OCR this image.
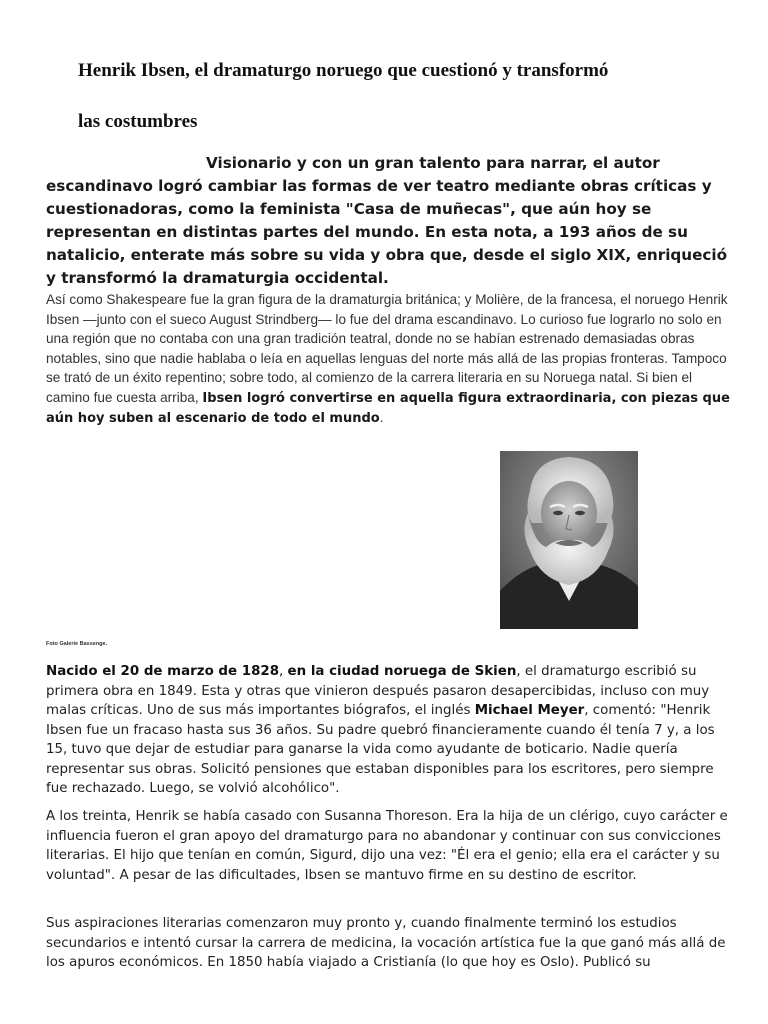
Henrik Ibsen, el dramaturgo noruego que cuestionó y transformó
las costumbres

Visionario y con un gran talento para narrar, el autor escandinavo logró cambiar las formas de ver teatro mediante obras críticas y cuestionadoras, como la feminista "Casa de muñecas", que aún hoy se representan en distintas partes del mundo. En esta nota, a 193 años de su natalicio, enterate más sobre su vida y obra que, desde el siglo XIX, enriqueció y transformó la dramaturgia occidental.

Así como Shakespeare fue la gran figura de la dramaturgia británica; y Molière, de la francesa, el noruego Henrik Ibsen —junto con el sueco August Strindberg— lo fue del drama escandinavo. Lo curioso fue lograrlo no solo en una región que no contaba con una gran tradición teatral, donde no se habían estrenado demasiadas obras notables, sino que nadie hablaba o leía en aquellas lenguas del norte más allá de las propias fronteras. Tampoco se trató de un éxito repentino; sobre todo, al comienzo de la carrera literaria en su Noruega natal. Si bien el camino fue cuesta arriba, Ibsen logró convertirse en aquella figura extraordinaria, con piezas que aún hoy suben al escenario de todo el mundo.

Foto Galerie Bassenge.

Nacido el 20 de marzo de 1828, en la ciudad noruega de Skien, el dramaturgo escribió su primera obra en 1849. Esta y otras que vinieron después pasaron desapercibidas, incluso con muy malas críticas. Uno de sus más importantes biógrafos, el inglés Michael Meyer, comentó: "Henrik Ibsen fue un fracaso hasta sus 36 años. Su padre quebró financieramente cuando él tenía 7 y, a los 15, tuvo que dejar de estudiar para ganarse la vida como ayudante de boticario. Nadie quería representar sus obras. Solicitó pensiones que estaban disponibles para los escritores, pero siempre fue rechazado. Luego, se volvió alcohólico".

A los treinta, Henrik se había casado con Susanna Thoreson. Era la hija de un clérigo, cuyo carácter e influencia fueron el gran apoyo del dramaturgo para no abandonar y continuar con sus convicciones literarias. El hijo que tenían en común, Sigurd, dijo una vez: "Él era el genio; ella era el carácter y su voluntad". A pesar de las dificultades, Ibsen se mantuvo firme en su destino de escritor.

Sus aspiraciones literarias comenzaron muy pronto y, cuando finalmente terminó los estudios secundarios e intentó cursar la carrera de medicina, la vocación artística fue la que ganó más allá de los apuros económicos. En 1850 había viajado a Cristianía (lo que hoy es Oslo). Publicó su
